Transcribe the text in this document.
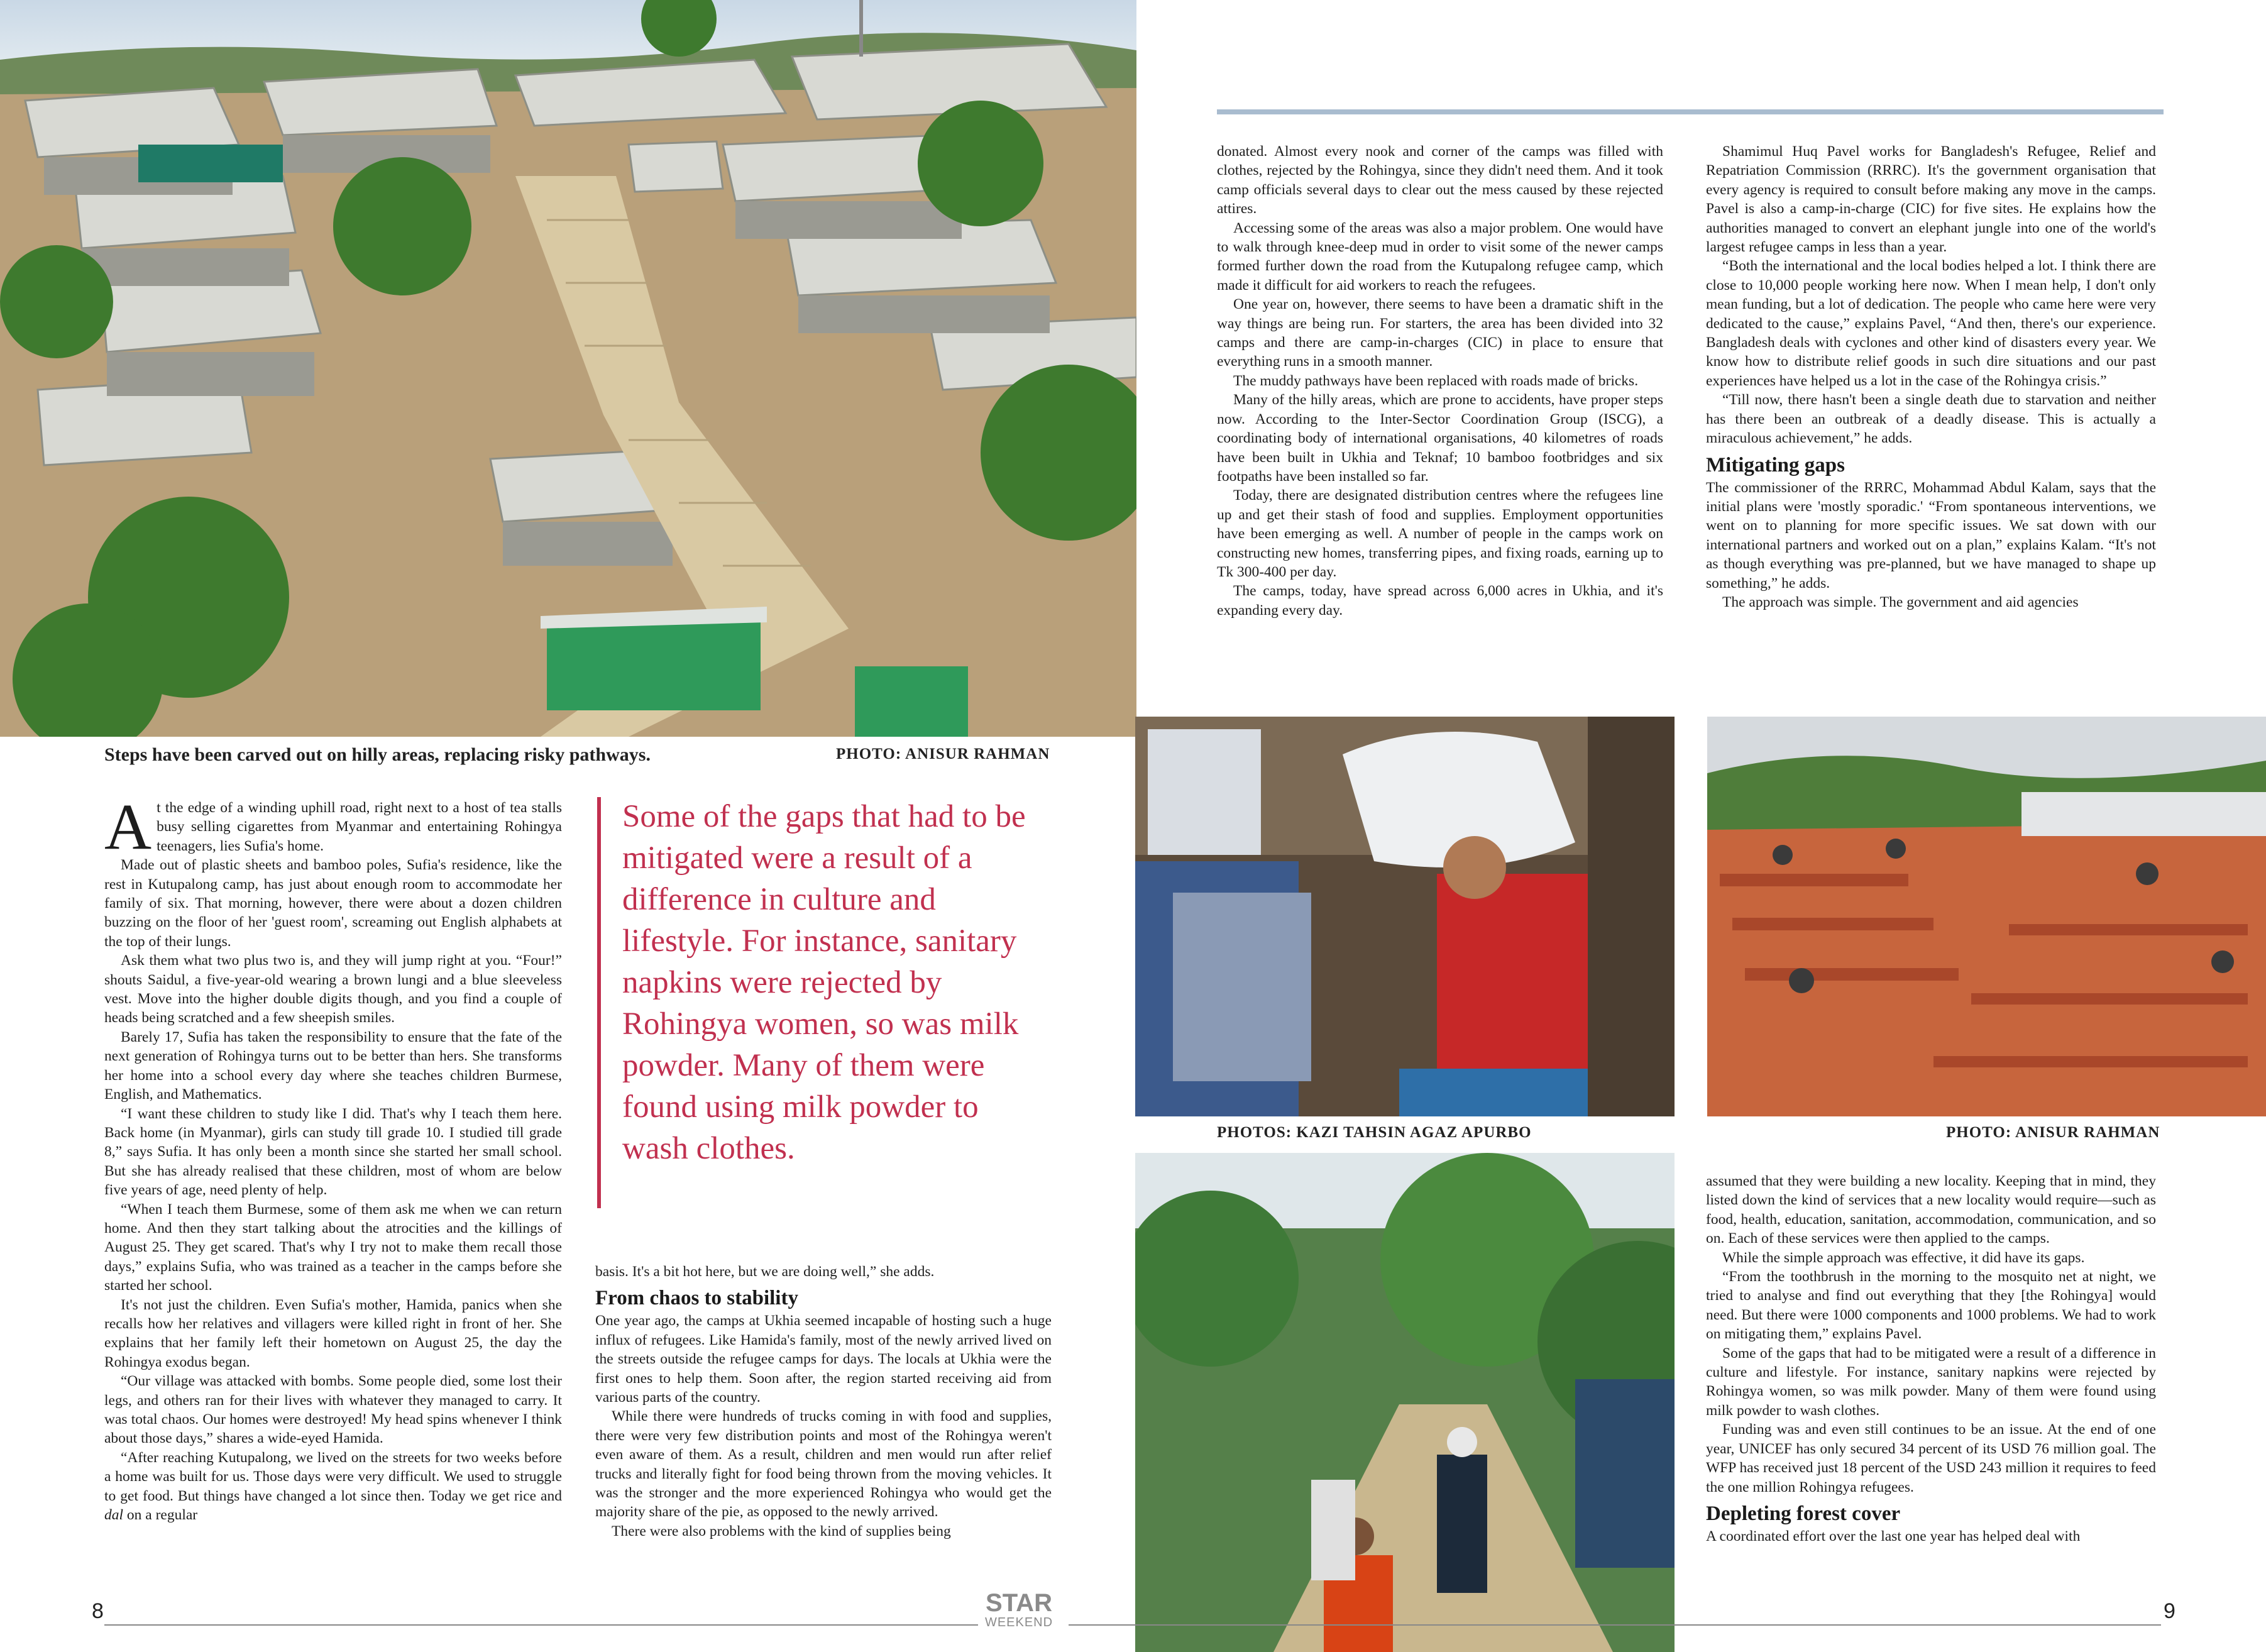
Steps have been carved out on hilly areas, replacing risky pathways.	PHOTO: ANISUR RAHMAN

At the edge of a winding uphill road, right next to a host of tea stalls busy selling cigarettes from Myanmar and entertaining Rohingya teenagers, lies Sufia's home.

Made out of plastic sheets and bamboo poles, Sufia's residence, like the rest in Kutupalong camp, has just about enough room to accommodate her family of six. That morning, however, there were about a dozen children buzzing on the floor of her 'guest room', screaming out English alphabets at the top of their lungs.

Ask them what two plus two is, and they will jump right at you. “Four!” shouts Saidul, a five-year-old wearing a brown lungi and a blue sleeveless vest. Move into the higher double digits though, and you find a couple of heads being scratched and a few sheepish smiles.

Barely 17, Sufia has taken the responsibility to ensure that the fate of the next generation of Rohingya turns out to be better than hers. She transforms her home into a school every day where she teaches children Burmese, English, and Mathematics.

“I want these children to study like I did. That's why I teach them here. Back home (in Myanmar), girls can study till grade 10. I studied till grade 8,” says Sufia. It has only been a month since she started her small school. But she has already realised that these children, most of whom are below five years of age, need plenty of help.

“When I teach them Burmese, some of them ask me when we can return home. And then they start talking about the atrocities and the killings of August 25. They get scared. That's why I try not to make them recall those days,” explains Sufia, who was trained as a teacher in the camps before she started her school.

It's not just the children. Even Sufia's mother, Hamida, panics when she recalls how her relatives and villagers were killed right in front of her. She explains that her family left their hometown on August 25, the day the Rohingya exodus began.

“Our village was attacked with bombs. Some people died, some lost their legs, and others ran for their lives with whatever they managed to carry. It was total chaos. Our homes were destroyed! My head spins whenever I think about those days,” shares a wide-eyed Hamida.

“After reaching Kutupalong, we lived on the streets for two weeks before a home was built for us. Those days were very difficult. We used to struggle to get food. But things have changed a lot since then. Today we get rice and dal on a regular

Some of the gaps that had to be mitigated were a result of a difference in culture and lifestyle. For instance, sanitary napkins were rejected by Rohingya women, so was milk powder. Many of them were found using milk powder to wash clothes.

basis. It's a bit hot here, but we are doing well,” she adds.

From chaos to stability

One year ago, the camps at Ukhia seemed incapable of hosting such a huge influx of refugees. Like Hamida's family, most of the newly arrived lived on the streets outside the refugee camps for days. The locals at Ukhia were the first ones to help them. Soon after, the region started receiving aid from various parts of the country.

While there were hundreds of trucks coming in with food and supplies, there were very few distribution points and most of the Rohingya weren't even aware of them. As a result, children and men would run after relief trucks and literally fight for food being thrown from the moving vehicles. It was the stronger and the more experienced Rohingya who would get the majority share of the pie, as opposed to the newly arrived.

There were also problems with the kind of supplies being

donated. Almost every nook and corner of the camps was filled with clothes, rejected by the Rohingya, since they didn't need them. And it took camp officials several days to clear out the mess caused by these rejected attires.

Accessing some of the areas was also a major problem. One would have to walk through knee-deep mud in order to visit some of the newer camps formed further down the road from the Kutupalong refugee camp, which made it difficult for aid workers to reach the refugees.

One year on, however, there seems to have been a dramatic shift in the way things are being run. For starters, the area has been divided into 32 camps and there are camp-in-charges (CIC) in place to ensure that everything runs in a smooth manner.

The muddy pathways have been replaced with roads made of bricks.

Many of the hilly areas, which are prone to accidents, have proper steps now. According to the Inter-Sector Coordination Group (ISCG), a coordinating body of international organisations, 40 kilometres of roads have been built in Ukhia and Teknaf; 10 bamboo footbridges and six footpaths have been installed so far.

Today, there are designated distribution centres where the refugees line up and get their stash of food and supplies. Employment opportunities have been emerging as well. A number of people in the camps work on constructing new homes, transferring pipes, and fixing roads, earning up to Tk 300-400 per day.

The camps, today, have spread across 6,000 acres in Ukhia, and it's expanding every day.

Shamimul Huq Pavel works for Bangladesh's Refugee, Relief and Repatriation Commission (RRRC). It's the government organisation that every agency is required to consult before making any move in the camps. Pavel is also a camp-in-charge (CIC) for five sites. He explains how the authorities managed to convert an elephant jungle into one of the world's largest refugee camps in less than a year.

“Both the international and the local bodies helped a lot. I think there are close to 10,000 people working here now. When I mean help, I don't only mean funding, but a lot of dedication. The people who came here were very dedicated to the cause,” explains Pavel, “And then, there's our experience. Bangladesh deals with cyclones and other kind of disasters every year. We know how to distribute relief goods in such dire situations and our past experiences have helped us a lot in the case of the Rohingya crisis.”

“Till now, there hasn't been a single death due to starvation and neither has there been an outbreak of a deadly disease. This is actually a miraculous achievement,” he adds.

Mitigating gaps

The commissioner of the RRRC, Mohammad Abdul Kalam, says that the initial plans were 'mostly sporadic.' “From spontaneous interventions, we went on to planning for more specific issues. We sat down with our international partners and worked out on a plan,” explains Kalam. “It's not as though everything was pre-planned, but we have managed to shape up something,” he adds.

The approach was simple. The government and aid agencies

PHOTOS: KAZI TAHSIN AGAZ APURBO	PHOTO: ANISUR RAHMAN

assumed that they were building a new locality. Keeping that in mind, they listed down the kind of services that a new locality would require—such as food, health, education, sanitation, accommodation, communication, and so on. Each of these services were then applied to the camps.

While the simple approach was effective, it did have its gaps.

“From the toothbrush in the morning to the mosquito net at night, we tried to analyse and find out everything that they [the Rohingya] would need. But there were 1000 components and 1000 problems. We had to work on mitigating them,” explains Pavel.

Some of the gaps that had to be mitigated were a result of a difference in culture and lifestyle. For instance, sanitary napkins were rejected by Rohingya women, so was milk powder. Many of them were found using milk powder to wash clothes.

Funding was and even still continues to be an issue. At the end of one year, UNICEF has only secured 34 percent of its USD 76 million goal. The WFP has received just 18 percent of the USD 243 million it requires to feed the one million Rohingya refugees.

Depleting forest cover

A coordinated effort over the last one year has helped deal with

8	9
STAR
WEEKEND
